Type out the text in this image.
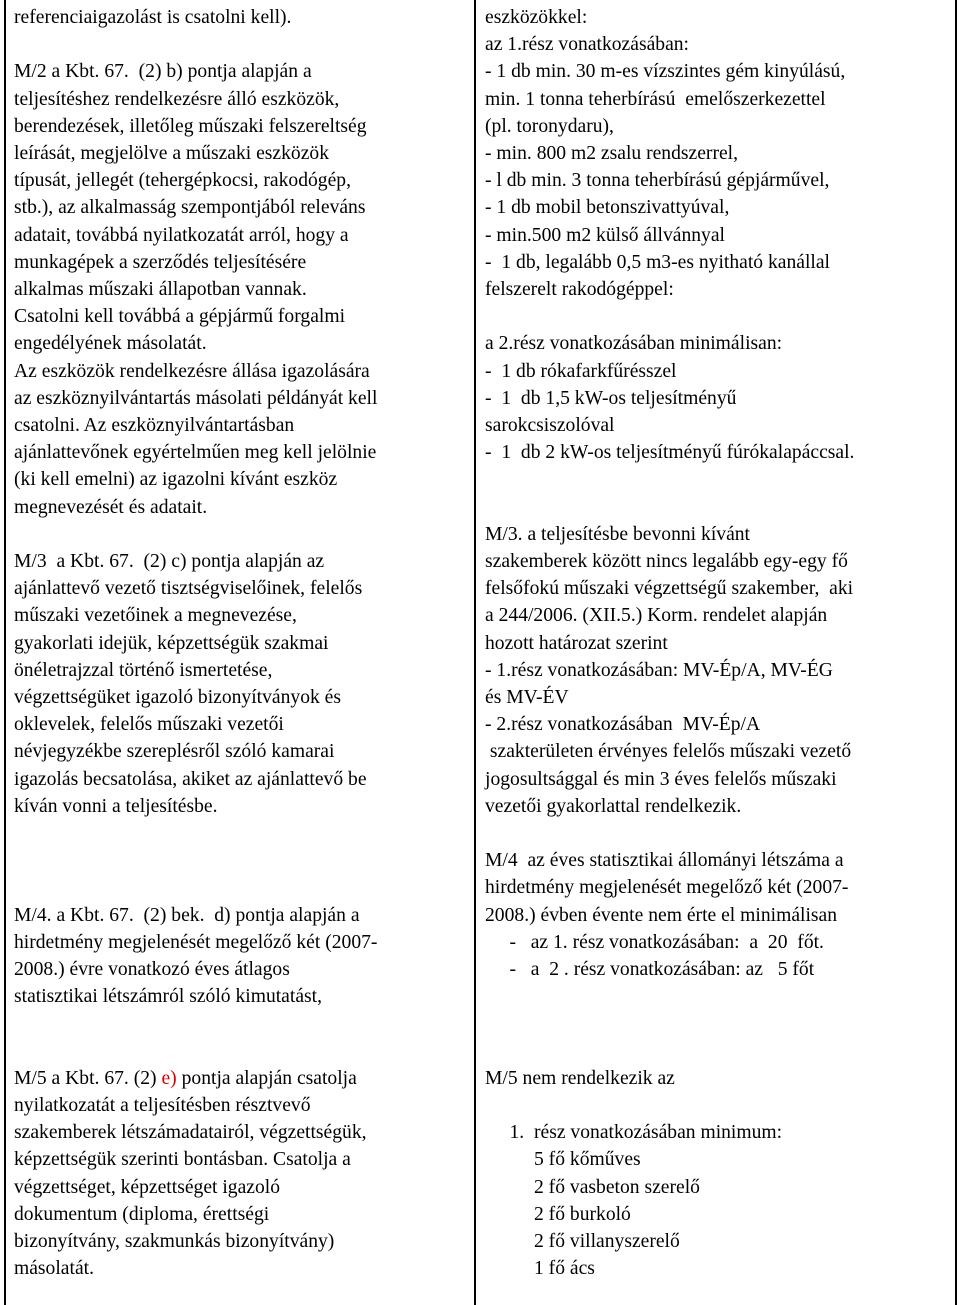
referenciaigazolást is csatolni kell).
M/2 a Kbt. 67.  (2) b) pontja alapján a
teljesítéshez rendelkezésre álló eszközök,
berendezések, illetőleg műszaki felszereltség
leírását, megjelölve a műszaki eszközök
típusát, jellegét (tehergépkocsi, rakodógép,
stb.), az alkalmasság szempontjából releváns
adatait, továbbá nyilatkozatát arról, hogy a
munkagépek a szerződés teljesítésére
alkalmas műszaki állapotban vannak.
Csatolni kell továbbá a gépjármű forgalmi
engedélyének másolatát.
Az eszközök rendelkezésre állása igazolására
az eszköznyilvántartás másolati példányát kell
csatolni. Az eszköznyilvántartásban
ajánlattevőnek egyértelműen meg kell jelölnie
(ki kell emelni) az igazolni kívánt eszköz
megnevezését és adatait.
M/3  a Kbt. 67.  (2) c) pontja alapján az
ajánlattevő vezető tisztségviselőinek, felelős
műszaki vezetőinek a megnevezése,
gyakorlati idejük, képzettségük szakmai
önéletrajzzal történő ismertetése,
végzettségüket igazoló bizonyítványok és
oklevelek, felelős műszaki vezetői
névjegyzékbe szereplésről szóló kamarai
igazolás becsatolása, akiket az ajánlattevő be
kíván vonni a teljesítésbe.
M/4. a Kbt. 67.  (2) bek.  d) pontja alapján a
hirdetmény megjelenését megelőző két (2007-
2008.) évre vonatkozó éves átlagos
statisztikai létszámról szóló kimutatást,
M/5 a Kbt. 67. (2) e) pontja alapján csatolja
nyilatkozatát a teljesítésben résztvevő
szakemberek létszámadatairól, végzettségük,
képzettségük szerinti bontásban. Csatolja a
végzettséget, képzettséget igazoló
dokumentum (diploma, érettségi
bizonyítvány, szakmunkás bizonyítvány)
másolatát.
eszközökkel:
az 1.rész vonatkozásában:
- 1 db min. 30 m-es vízszintes gém kinyúlású,
min. 1 tonna teherbírású  emelőszerkezettel
(pl. toronydaru),
- min. 800 m2 zsalu rendszerrel,
- l db min. 3 tonna teherbírású gépjárművel,
- 1 db mobil betonszivattyúval,
- min.500 m2 külső állvánnyal
-  1 db, legalább 0,5 m3-es nyitható kanállal
felszerelt rakodógéppel:
a 2.rész vonatkozásában minimálisan:
-  1 db rókafarkfűrésszel
-  1  db 1,5 kW-os teljesítményű
sarokcsiszolóval
-  1  db 2 kW-os teljesítményű fúrókalapáccsal.
M/3. a teljesítésbe bevonni kívánt
szakemberek között nincs legalább egy-egy fő
felsőfokú műszaki végzettségű szakember,  aki
a 244/2006. (XII.5.) Korm. rendelet alapján
hozott határozat szerint
- 1.rész vonatkozásában: MV-Ép/A, MV-ÉG
és MV-ÉV
- 2.rész vonatkozásában  MV-Ép/A
szakterületen érvényes felelős műszaki vezető
jogosultsággal és min 3 éves felelős műszaki
vezetői gyakorlattal rendelkezik.
M/4  az éves statisztikai állományi létszáma a
hirdetmény megjelenését megelőző két (2007-
2008.) évben évente nem érte el minimálisan
-   az 1. rész vonatkozásában:  a  20  főt.
-   a  2 . rész vonatkozásában: az   5 főt
M/5 nem rendelkezik az
1.  rész vonatkozásában minimum:
5 fő kőműves
2 fő vasbeton szerelő
2 fő burkoló
2 fő villanyszerelő
1 fő ács
